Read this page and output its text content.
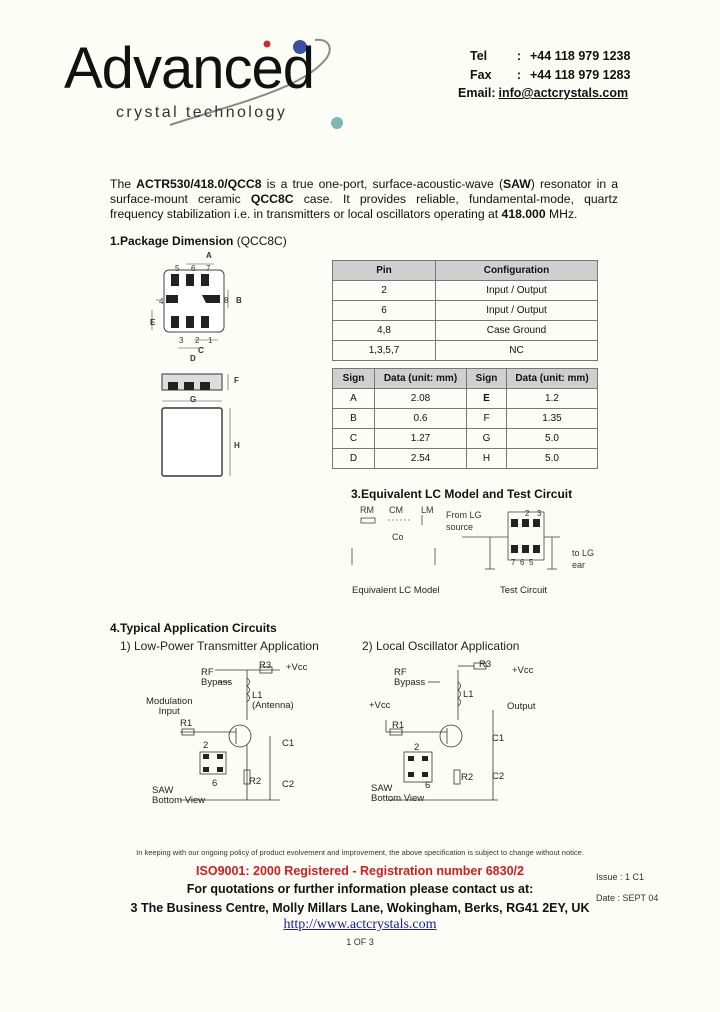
Advanced
crystal technology
Tel	: +44 118 979 1238
Fax	: +44 118 979 1283
Email: info@actcrystals.com
The ACTR530/418.0/QCC8 is a true one-port, surface-acoustic-wave (SAW) resonator in a surface-mount ceramic QCC8C case. It provides reliable, fundamental-mode, quartz frequency stabilization i.e. in transmitters or local oscillators operating at 418.000 MHz.
1.Package Dimension (QCC8C)
A
5 6 7
4	8 B
E
3 2 1
C
D
F
G
H
Pin	Configuration
2	Input / Output
6	Input / Output
4,8	Case Ground
1,3,5,7	NC
Sign	Data (unit: mm)	Sign	Data (unit: mm)
A	2.08	E	1.2
B	0.6	F	1.35
C	1.27	G	5.0
D	2.54	H	5.0
3.Equivalent LC Model and Test Circuit
RM CM LM
Co
Equivalent LC Model
From LG
source
to LG
ear
2 3
7 6 5
Test Circuit
4.Typical Application Circuits
1) Low-Power Transmitter Application	2) Local Oscillator Application
RF
Bypass
R3 +Vcc
L1
(Antenna)
Modulation
Input
R1
C1
2
6	R2 C2
SAW
Bottom View
RF
Bypass
R3
+Vcc
L1
+Vcc	Output
R1
C1
2
R2 C2
6
SAW
Bottom View
In keeping with our ongoing policy of product evolvement and improvement, the above specification is subject to change without notice.
ISO9001: 2000 Registered - Registration number 6830/2
For quotations or further information please contact us at:
3 The Business Centre, Molly Millars Lane, Wokingham, Berks, RG41 2EY, UK
http://www.actcrystals.com
1 OF 3
Issue : 1 C1
Date : SEPT 04
